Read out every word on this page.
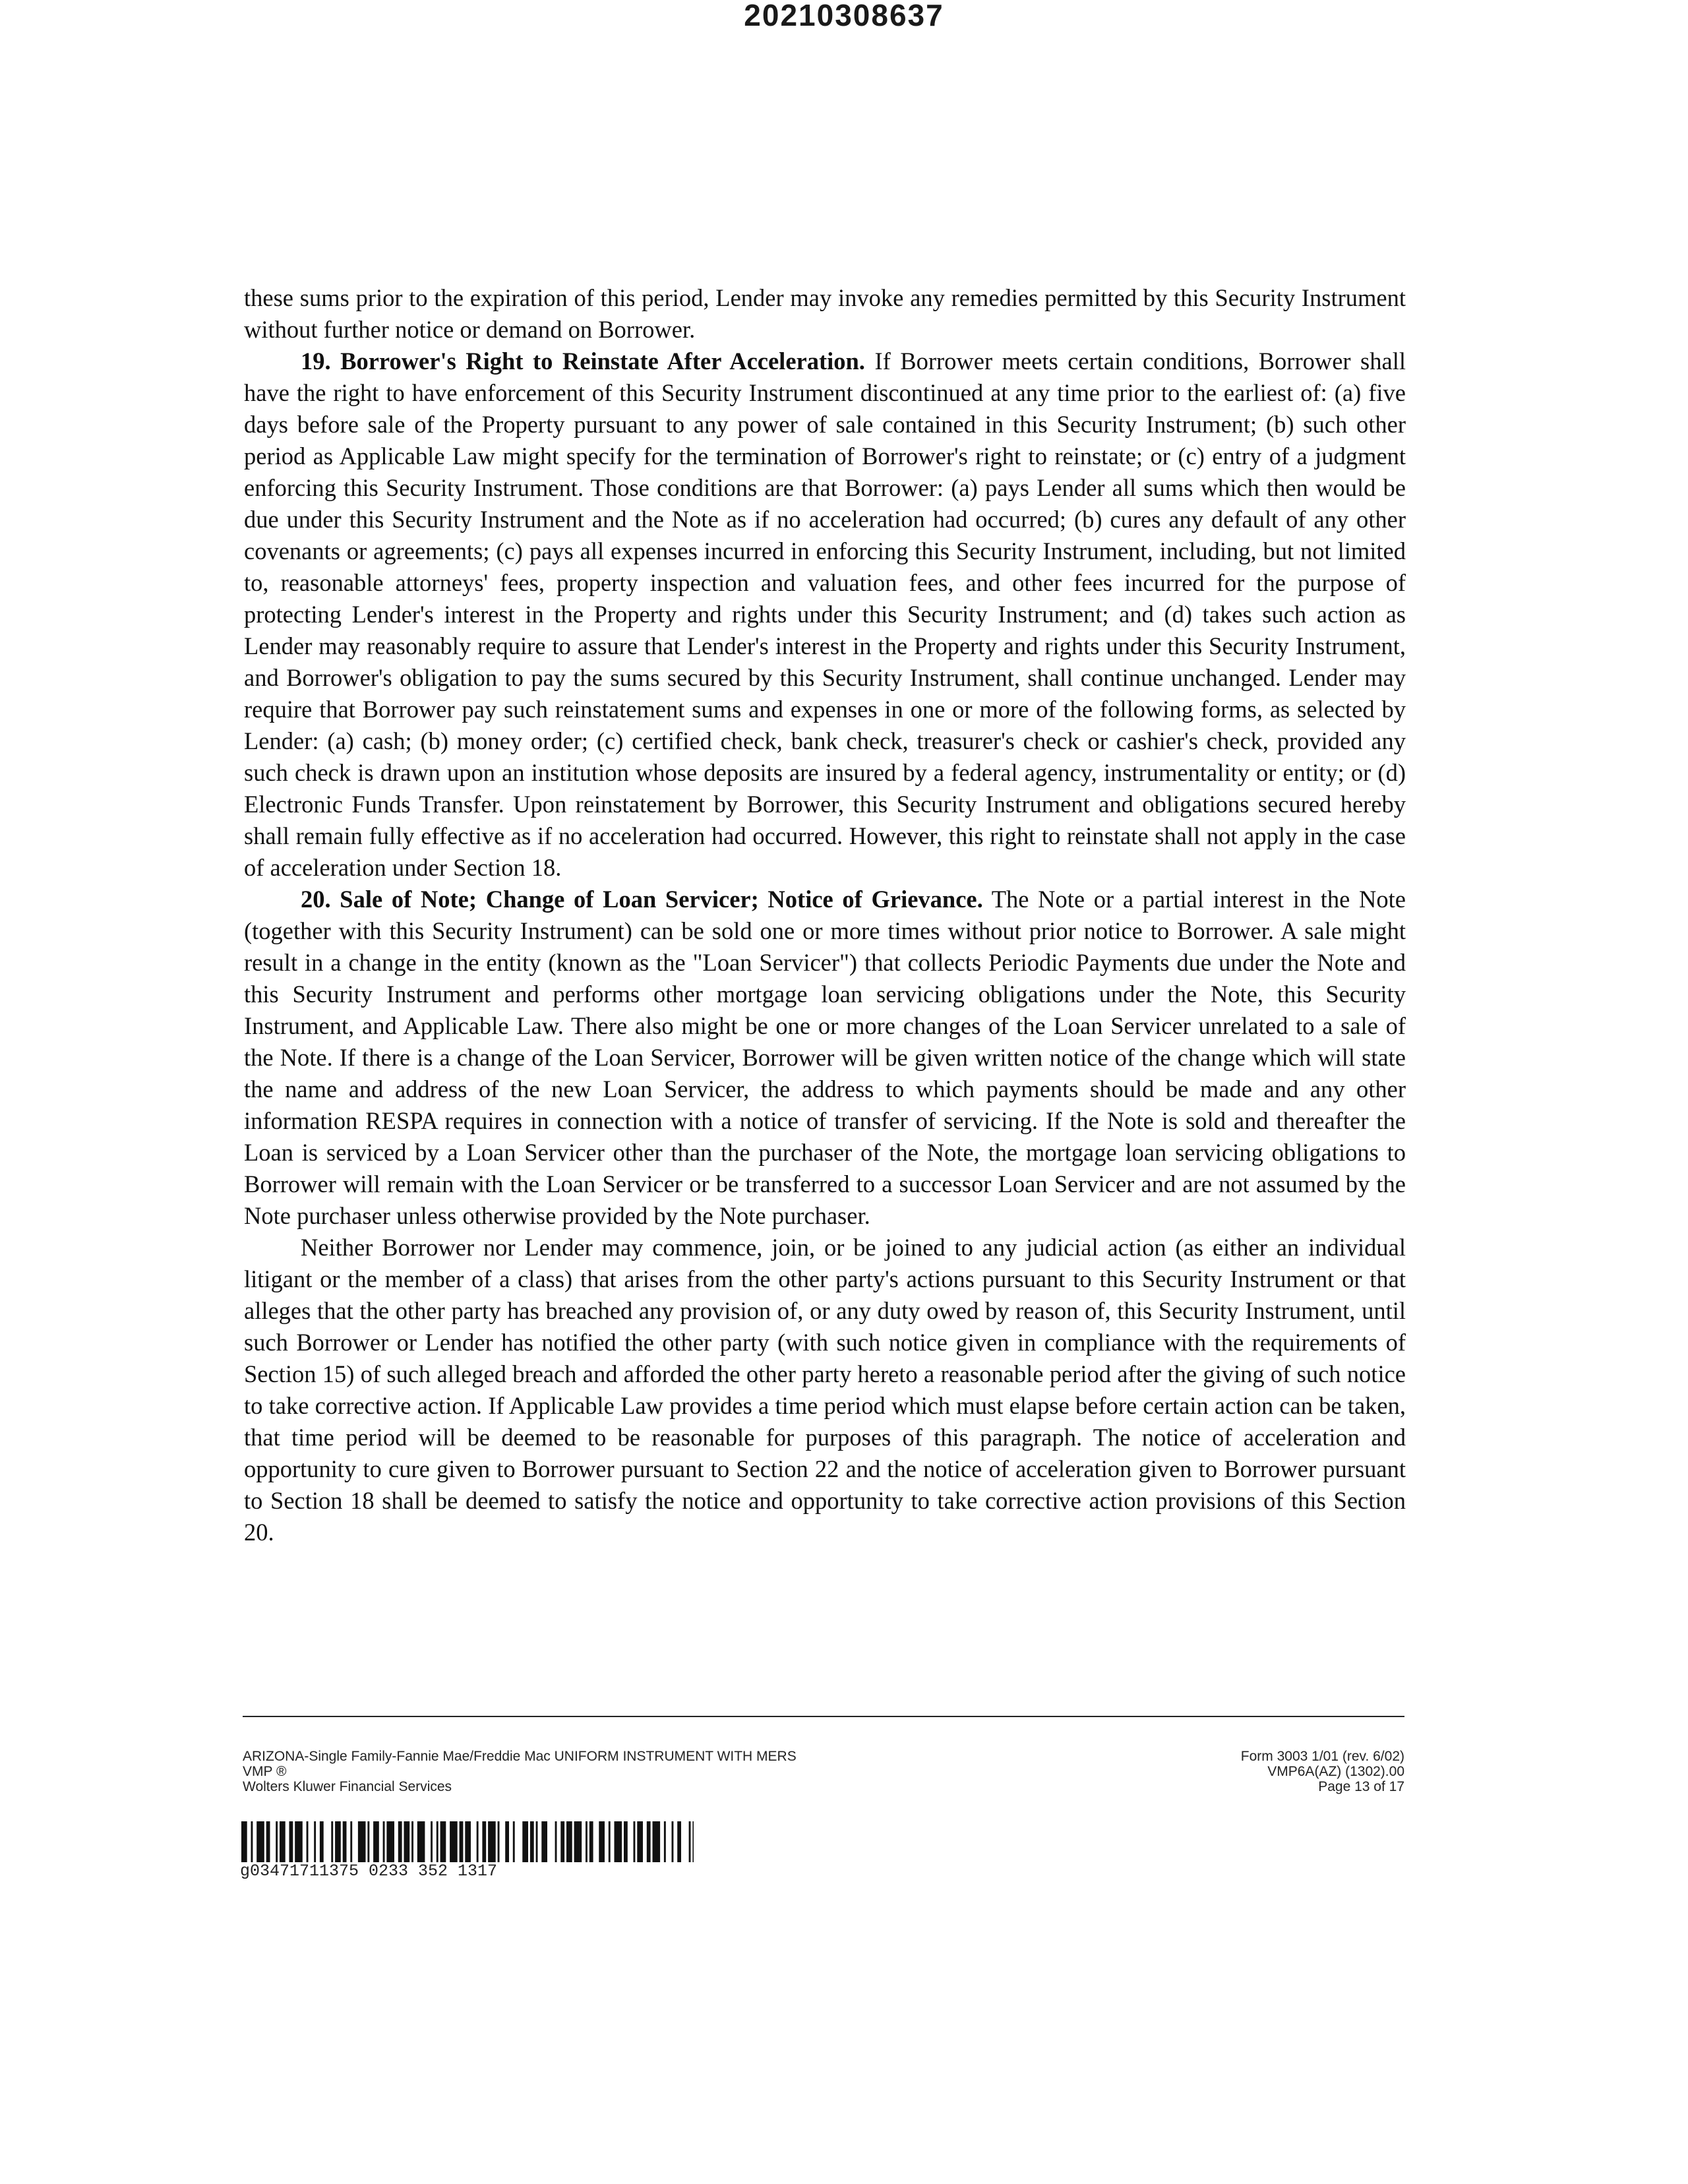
20210308637

these sums prior to the expiration of this period, Lender may invoke any remedies permitted by this Security Instrument without further notice or demand on Borrower.

19. Borrower's Right to Reinstate After Acceleration. If Borrower meets certain conditions, Borrower shall have the right to have enforcement of this Security Instrument discontinued at any time prior to the earliest of: (a) five days before sale of the Property pursuant to any power of sale contained in this Security Instrument; (b) such other period as Applicable Law might specify for the termination of Borrower's right to reinstate; or (c) entry of a judgment enforcing this Security Instrument. Those conditions are that Borrower: (a) pays Lender all sums which then would be due under this Security Instrument and the Note as if no acceleration had occurred; (b) cures any default of any other covenants or agreements; (c) pays all expenses incurred in enforcing this Security Instrument, including, but not limited to, reasonable attorneys' fees, property inspection and valuation fees, and other fees incurred for the purpose of protecting Lender's interest in the Property and rights under this Security Instrument; and (d) takes such action as Lender may reasonably require to assure that Lender's interest in the Property and rights under this Security Instrument, and Borrower's obligation to pay the sums secured by this Security Instrument, shall continue unchanged. Lender may require that Borrower pay such reinstatement sums and expenses in one or more of the following forms, as selected by Lender: (a) cash; (b) money order; (c) certified check, bank check, treasurer's check or cashier's check, provided any such check is drawn upon an institution whose deposits are insured by a federal agency, instrumentality or entity; or (d) Electronic Funds Transfer. Upon reinstatement by Borrower, this Security Instrument and obligations secured hereby shall remain fully effective as if no acceleration had occurred. However, this right to reinstate shall not apply in the case of acceleration under Section 18.

20. Sale of Note; Change of Loan Servicer; Notice of Grievance. The Note or a partial interest in the Note (together with this Security Instrument) can be sold one or more times without prior notice to Borrower. A sale might result in a change in the entity (known as the "Loan Servicer") that collects Periodic Payments due under the Note and this Security Instrument and performs other mortgage loan servicing obligations under the Note, this Security Instrument, and Applicable Law. There also might be one or more changes of the Loan Servicer unrelated to a sale of the Note. If there is a change of the Loan Servicer, Borrower will be given written notice of the change which will state the name and address of the new Loan Servicer, the address to which payments should be made and any other information RESPA requires in connection with a notice of transfer of servicing. If the Note is sold and thereafter the Loan is serviced by a Loan Servicer other than the purchaser of the Note, the mortgage loan servicing obligations to Borrower will remain with the Loan Servicer or be transferred to a successor Loan Servicer and are not assumed by the Note purchaser unless otherwise provided by the Note purchaser.

Neither Borrower nor Lender may commence, join, or be joined to any judicial action (as either an individual litigant or the member of a class) that arises from the other party's actions pursuant to this Security Instrument or that alleges that the other party has breached any provision of, or any duty owed by reason of, this Security Instrument, until such Borrower or Lender has notified the other party (with such notice given in compliance with the requirements of Section 15) of such alleged breach and afforded the other party hereto a reasonable period after the giving of such notice to take corrective action. If Applicable Law provides a time period which must elapse before certain action can be taken, that time period will be deemed to be reasonable for purposes of this paragraph. The notice of acceleration and opportunity to cure given to Borrower pursuant to Section 22 and the notice of acceleration given to Borrower pursuant to Section 18 shall be deemed to satisfy the notice and opportunity to take corrective action provisions of this Section 20.

ARIZONA-Single Family-Fannie Mae/Freddie Mac UNIFORM INSTRUMENT WITH MERS
VMP ®
Wolters Kluwer Financial Services
Form 3003 1/01 (rev. 6/02)
VMP6A(AZ) (1302).00
Page 13 of 17
g03471711375 0233 352 1317
